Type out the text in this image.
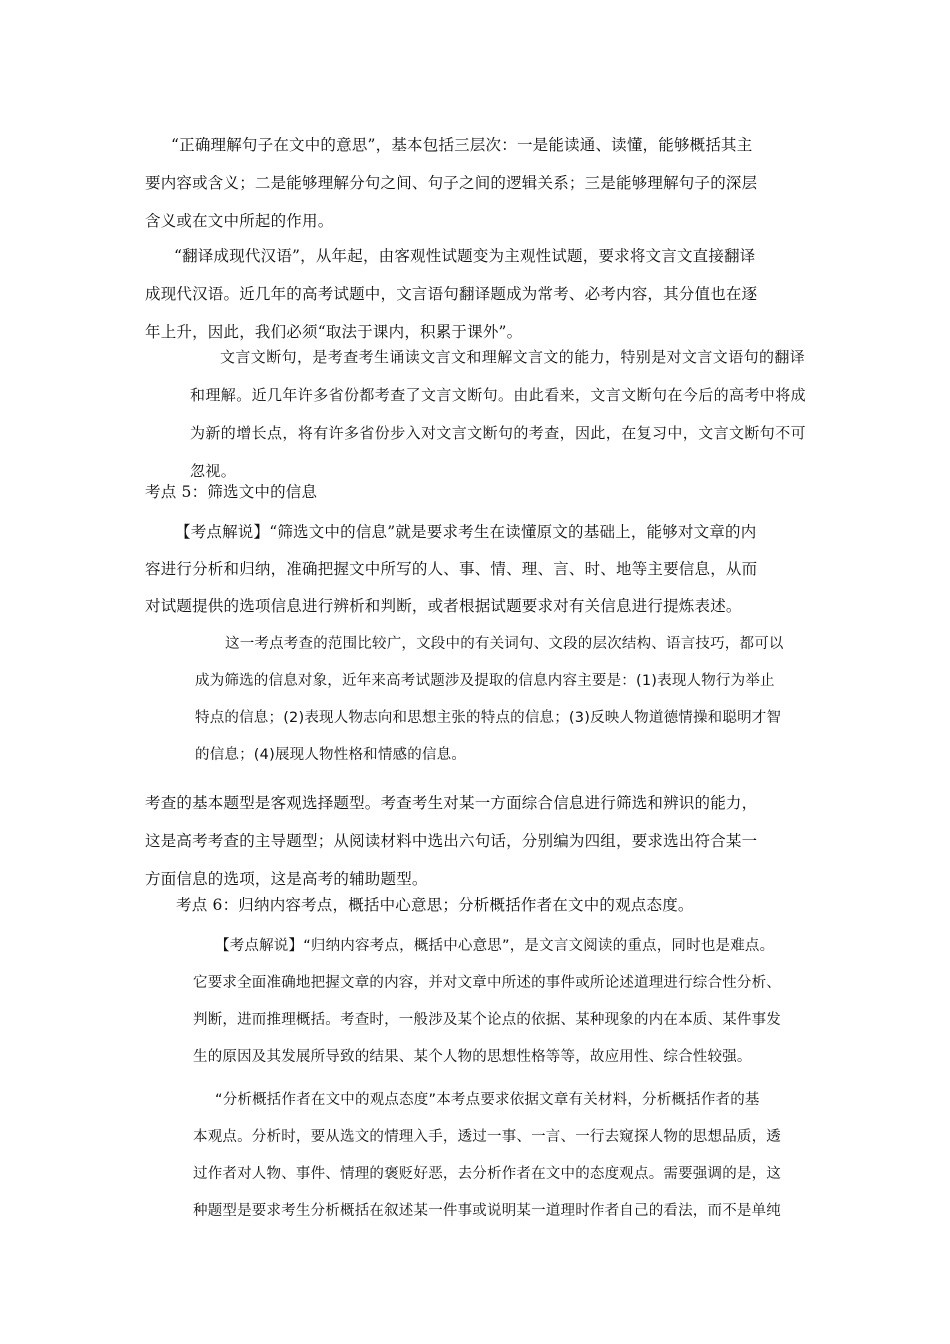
“正确理解句子在文中的意思”，基本包括三层次：一是能读通、读懂，能够概括其主
要内容或含义；二是能够理解分句之间、句子之间的逻辑关系；三是能够理解句子的深层
含义或在文中所起的作用。
“翻译成现代汉语”，从年起，由客观性试题变为主观性试题，要求将文言文直接翻译
成现代汉语。近几年的高考试题中，文言语句翻译题成为常考、必考内容，其分值也在逐
年上升，因此，我们必须“取法于课内，积累于课外”。
文言文断句，是考查考生诵读文言文和理解文言文的能力，特别是对文言文语句的翻译
和理解。近几年许多省份都考查了文言文断句。由此看来，文言文断句在今后的高考中将成
为新的增长点，将有许多省份步入对文言文断句的考查，因此，在复习中，文言文断句不可
忽视。
考点 5：筛选文中的信息
【考点解说】“筛选文中的信息”就是要求考生在读懂原文的基础上，能够对文章的内
容进行分析和归纳，准确把握文中所写的人、事、情、理、言、时、地等主要信息，从而
对试题提供的选项信息进行辨析和判断，或者根据试题要求对有关信息进行提炼表述。
这一考点考查的范围比较广，文段中的有关词句、文段的层次结构、语言技巧，都可以
成为筛选的信息对象，近年来高考试题涉及提取的信息内容主要是：(1)表现人物行为举止
特点的信息；(2)表现人物志向和思想主张的特点的信息；(3)反映人物道德情操和聪明才智
的信息；(4)展现人物性格和情感的信息。
考查的基本题型是客观选择题型。考查考生对某一方面综合信息进行筛选和辨识的能力，
这是高考考查的主导题型；从阅读材料中选出六句话，分别编为四组，要求选出符合某一
方面信息的选项，这是高考的辅助题型。
考点 6：归纳内容考点，概括中心意思；分析概括作者在文中的观点态度。
【考点解说】“归纳内容考点，概括中心意思”，是文言文阅读的重点，同时也是难点。
它要求全面准确地把握文章的内容，并对文章中所述的事件或所论述道理进行综合性分析、
判断，进而推理概括。考查时，一般涉及某个论点的依据、某种现象的内在本质、某件事发
生的原因及其发展所导致的结果、某个人物的思想性格等等，故应用性、综合性较强。
“分析概括作者在文中的观点态度”本考点要求依据文章有关材料，分析概括作者的基
本观点。分析时，要从选文的情理入手，透过一事、一言、一行去窥探人物的思想品质，透
过作者对人物、事件、情理的褒贬好恶，去分析作者在文中的态度观点。需要强调的是，这
种题型是要求考生分析概括在叙述某一件事或说明某一道理时作者自己的看法，而不是单纯
